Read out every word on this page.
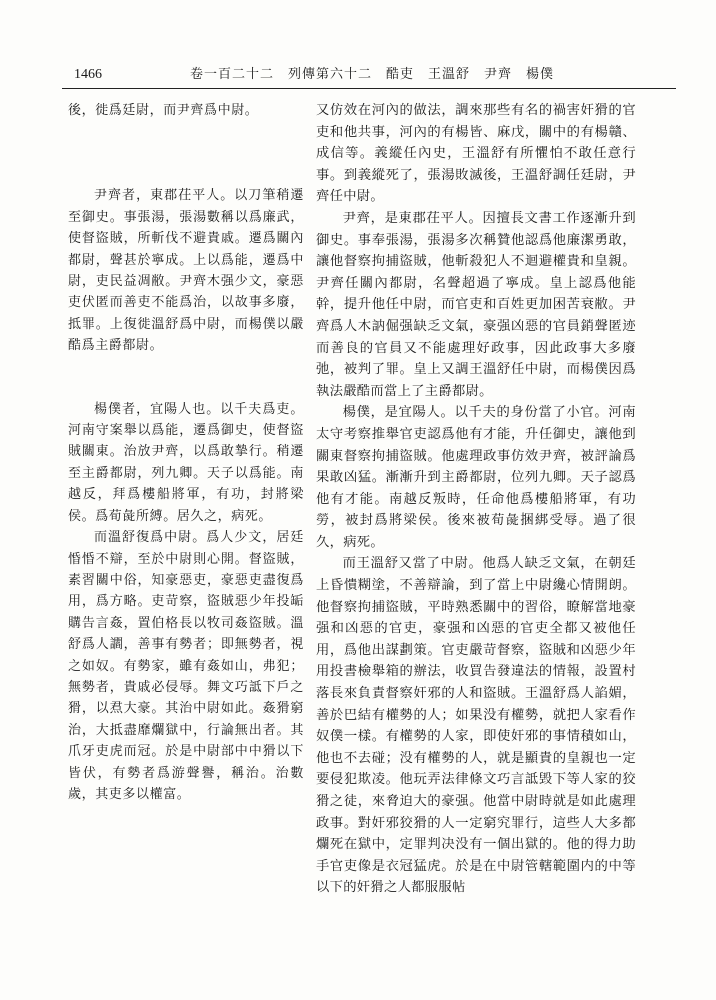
1466	卷一百二十二　列傳第六十二　酷吏　王溫舒　尹齊　楊僕

後，徙爲廷尉，而尹齊爲中尉。

尹齊者，東郡茌平人。以刀筆稍遷至御史。事張湯，張湯數稱以爲廉武，使督盜賊，所斬伐不避貴戚。遷爲關內都尉，聲甚於寧成。上以爲能，遷爲中尉，吏民益凋敝。尹齊木强少文，豪惡吏伏匿而善吏不能爲治，以故事多廢，抵罪。上復徙溫舒爲中尉，而楊僕以嚴酷爲主爵都尉。

楊僕者，宜陽人也。以千夫爲吏。河南守案舉以爲能，遷爲御史，使督盜賊關東。治放尹齊，以爲敢摯行。稍遷至主爵都尉，列九卿。天子以爲能。南越反，拜爲樓船將軍，有功，封將梁侯。爲荀彘所縛。居久之，病死。

而溫舒復爲中尉。爲人少文，居廷惛惛不辯，至於中尉則心開。督盜賊，素習關中俗，知豪惡吏，豪惡吏盡復爲用，爲方略。吏苛察，盜賊惡少年投缿購告言姦，置伯格長以牧司姦盜賊。溫舒爲人讇，善事有勢者；即無勢者，視之如奴。有勢家，雖有姦如山，弗犯；無勢者，貴戚必侵辱。舞文巧詆下戶之猾，以焄大豪。其治中尉如此。姦猾窮治，大抵盡靡爛獄中，行論無出者。其爪牙吏虎而冠。於是中尉部中中猾以下皆伏，有勢者爲游聲譽，稱治。治數歲，其吏多以權富。

又仿效在河內的做法，調來那些有名的禍害奸猾的官吏和他共事，河內的有楊皆、麻戊，關中的有楊贛、成信等。義縱任內史，王溫舒有所懼怕不敢任意行事。到義縱死了，張湯敗滅後，王溫舒調任廷尉，尹齊任中尉。

尹齊，是東郡茌平人。因擅長文書工作逐漸升到御史。事奉張湯，張湯多次稱贊他認爲他廉潔勇敢，讓他督察拘捕盜賊，他斬殺犯人不迴避權貴和皇親。尹齊任關內都尉，名聲超過了寧成。皇上認爲他能幹，提升他任中尉，而官吏和百姓更加困苦衰敝。尹齊爲人木訥倔强缺乏文氣，豪强凶惡的官員銷聲匿迹而善良的官員又不能處理好政事，因此政事大多廢弛，被判了罪。皇上又調王溫舒任中尉，而楊僕因爲執法嚴酷而當上了主爵都尉。

楊僕，是宜陽人。以千夫的身份當了小官。河南太守考察推舉官吏認爲他有才能，升任御史，讓他到關東督察拘捕盜賊。他處理政事仿效尹齊，被評論爲果敢凶猛。漸漸升到主爵都尉，位列九卿。天子認爲他有才能。南越反叛時，任命他爲樓船將軍，有功勞，被封爲將梁侯。後來被荀彘捆綁受辱。過了很久，病死。

而王溫舒又當了中尉。他爲人缺乏文氣，在朝廷上昏憒糊塗，不善辯論，到了當上中尉纔心情開朗。他督察拘捕盜賊，平時熟悉關中的習俗，瞭解當地豪强和凶惡的官吏，豪强和凶惡的官吏全都又被他任用，爲他出謀劃策。官吏嚴苛督察，盜賊和凶惡少年用投書檢舉箱的辦法，收買告發違法的情報，設置村落長來負責督察奸邪的人和盜賊。王溫舒爲人諂媚，善於巴結有權勢的人；如果没有權勢，就把人家看作奴僕一樣。有權勢的人家，即使奸邪的事情積如山，他也不去碰；没有權勢的人，就是顯貴的皇親也一定要侵犯欺凌。他玩弄法律條文巧言詆毁下等人家的狡猾之徒，來脅迫大的豪强。他當中尉時就是如此處理政事。對奸邪狡猾的人一定窮究罪行，這些人大多都爛死在獄中，定罪判决没有一個出獄的。他的得力助手官吏像是衣冠猛虎。於是在中尉管轄範圍内的中等以下的奸猾之人都服服帖
